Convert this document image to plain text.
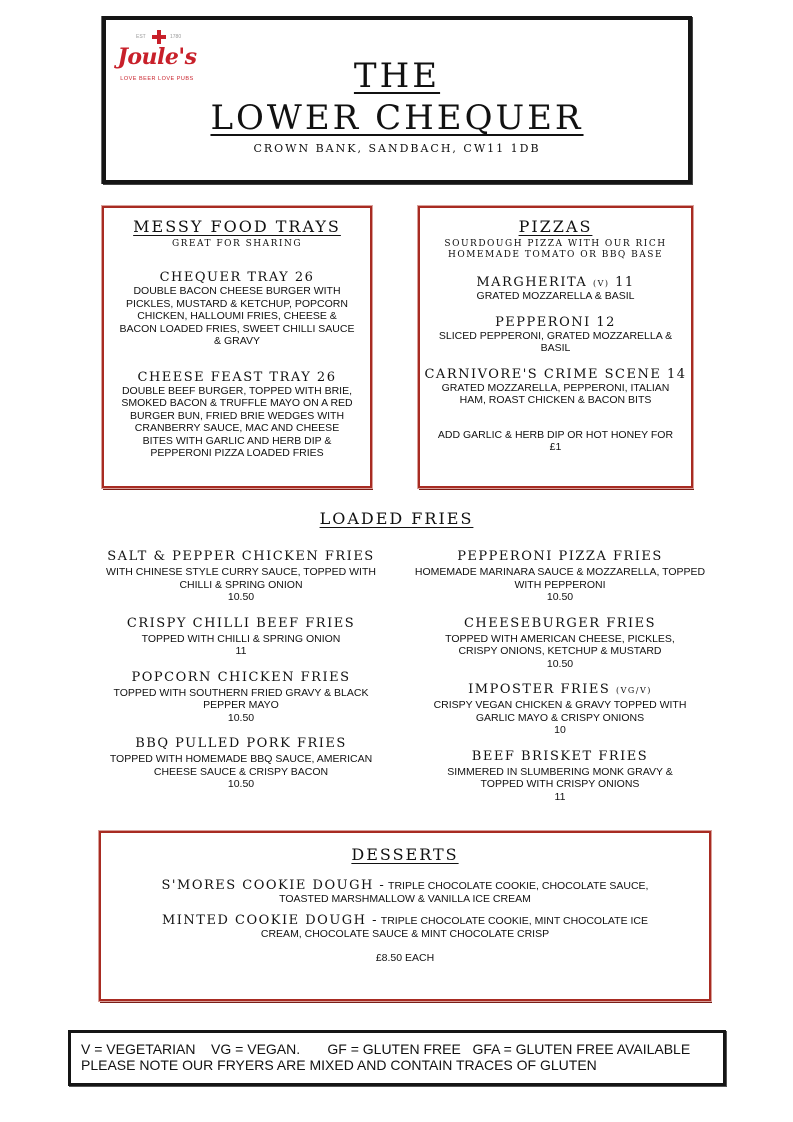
EST	1780
Joule's
LOVE BEER LOVE PUBS	THE
LOWER CHEQUER
CROWN BANK, SANDBACH, CW11 1DB
MESSY FOOD TRAYS
GREAT FOR SHARING
CHEQUER TRAY 26
DOUBLE BACON CHEESE BURGER WITH PICKLES, MUSTARD & KETCHUP, POPCORN CHICKEN, HALLOUMI FRIES, CHEESE & BACON LOADED FRIES, SWEET CHILLI SAUCE & GRAVY
CHEESE FEAST TRAY 26
DOUBLE BEEF BURGER, TOPPED WITH BRIE, SMOKED BACON & TRUFFLE MAYO ON A RED BURGER BUN, FRIED BRIE WEDGES WITH CRANBERRY SAUCE, MAC AND CHEESE BITES WITH GARLIC AND HERB DIP & PEPPERONI PIZZA LOADED FRIES
PIZZAS
SOURDOUGH PIZZA WITH OUR RICH
HOMEMADE TOMATO OR BBQ BASE
MARGHERITA (V) 11
GRATED MOZZARELLA & BASIL
PEPPERONI 12
SLICED PEPPERONI, GRATED MOZZARELLA & BASIL
CARNIVORE'S CRIME SCENE 14
GRATED MOZZARELLA, PEPPERONI, ITALIAN HAM, ROAST CHICKEN & BACON BITS
ADD GARLIC & HERB DIP OR HOT HONEY FOR £1
LOADED FRIES
SALT & PEPPER CHICKEN FRIES
WITH CHINESE STYLE CURRY SAUCE, TOPPED WITH CHILLI & SPRING ONION
10.50
CRISPY CHILLI BEEF FRIES
TOPPED WITH CHILLI & SPRING ONION
11
POPCORN CHICKEN FRIES
TOPPED WITH SOUTHERN FRIED GRAVY & BLACK PEPPER MAYO
10.50
BBQ PULLED PORK FRIES
TOPPED WITH HOMEMADE BBQ SAUCE, AMERICAN CHEESE SAUCE & CRISPY BACON
10.50
PEPPERONI PIZZA FRIES
HOMEMADE MARINARA SAUCE & MOZZARELLA, TOPPED WITH PEPPERONI
10.50
CHEESEBURGER FRIES
TOPPED WITH AMERICAN CHEESE, PICKLES, CRISPY ONIONS, KETCHUP & MUSTARD
10.50
IMPOSTER FRIES (VG/V)
CRISPY VEGAN CHICKEN & GRAVY TOPPED WITH GARLIC MAYO & CRISPY ONIONS
10
BEEF BRISKET FRIES
SIMMERED IN SLUMBERING MONK GRAVY & TOPPED WITH CRISPY ONIONS
11
DESSERTS
S'MORES COOKIE DOUGH - TRIPLE CHOCOLATE COOKIE, CHOCOLATE SAUCE, TOASTED MARSHMALLOW & VANILLA ICE CREAM
MINTED COOKIE DOUGH - TRIPLE CHOCOLATE COOKIE, MINT CHOCOLATE ICE CREAM, CHOCOLATE SAUCE & MINT CHOCOLATE CRISP
£8.50 EACH
V = VEGETARIAN    VG = VEGAN.       GF = GLUTEN FREE   GFA = GLUTEN FREE AVAILABLE
PLEASE NOTE OUR FRYERS ARE MIXED AND CONTAIN TRACES OF GLUTEN
